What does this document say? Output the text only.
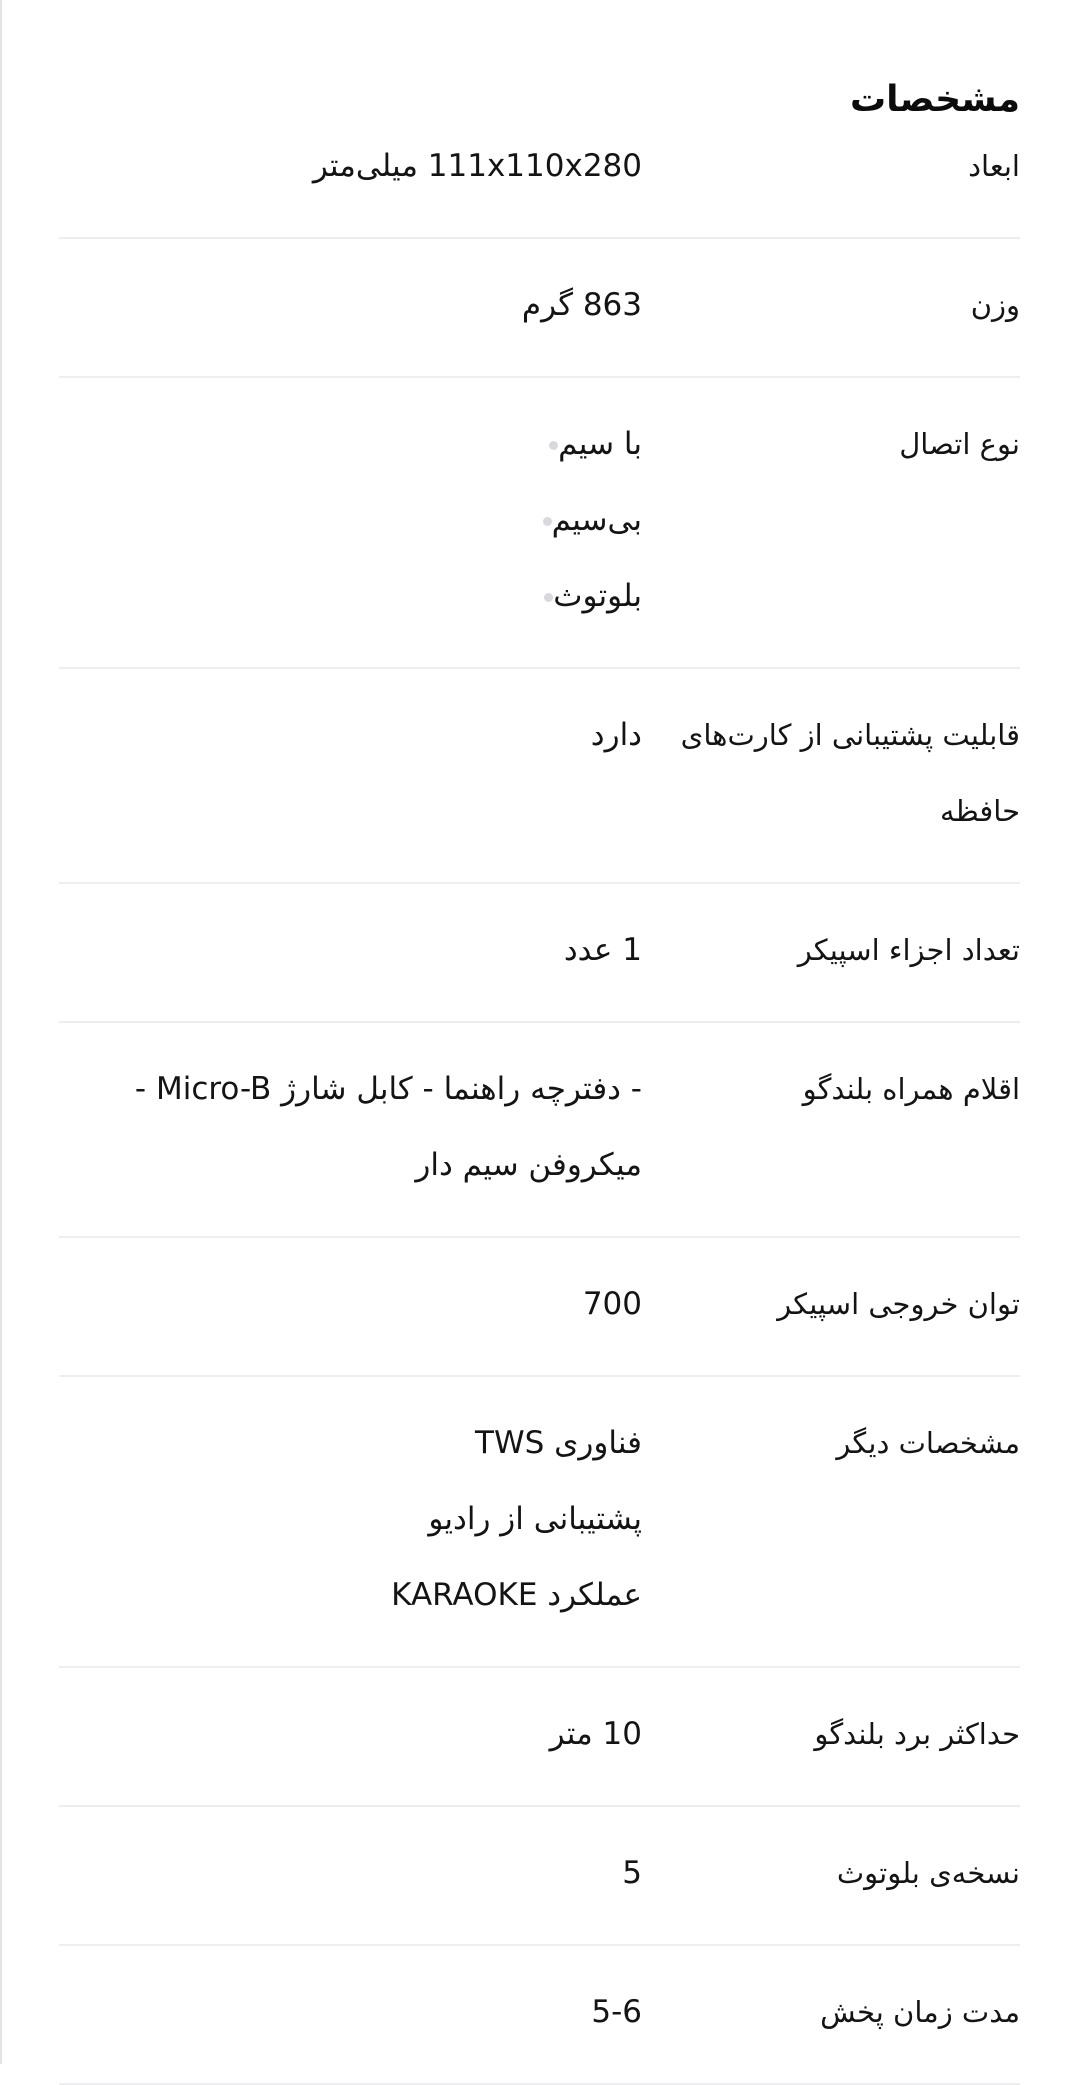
مشخصات
ابعاد
111x110x280 میلی‌متر
وزن
863 گرم
نوع اتصال
با سیم
بی‌سیم
بلوتوث
قابلیت پشتیبانی از کارت‌های حافظه
دارد
تعداد اجزاء اسپیکر
1 عدد
اقلام همراه بلندگو
- دفترچه راهنما - کابل شارژ Micro-B - میکروفن سیم دار
توان خروجی اسپیکر
700
مشخصات دیگر
فناوری TWS
پشتیبانی از رادیو
عملکرد KARAOKE
حداکثر برد بلندگو
10 متر
نسخه‌ی بلوتوث
5
مدت زمان پخش
5-6
